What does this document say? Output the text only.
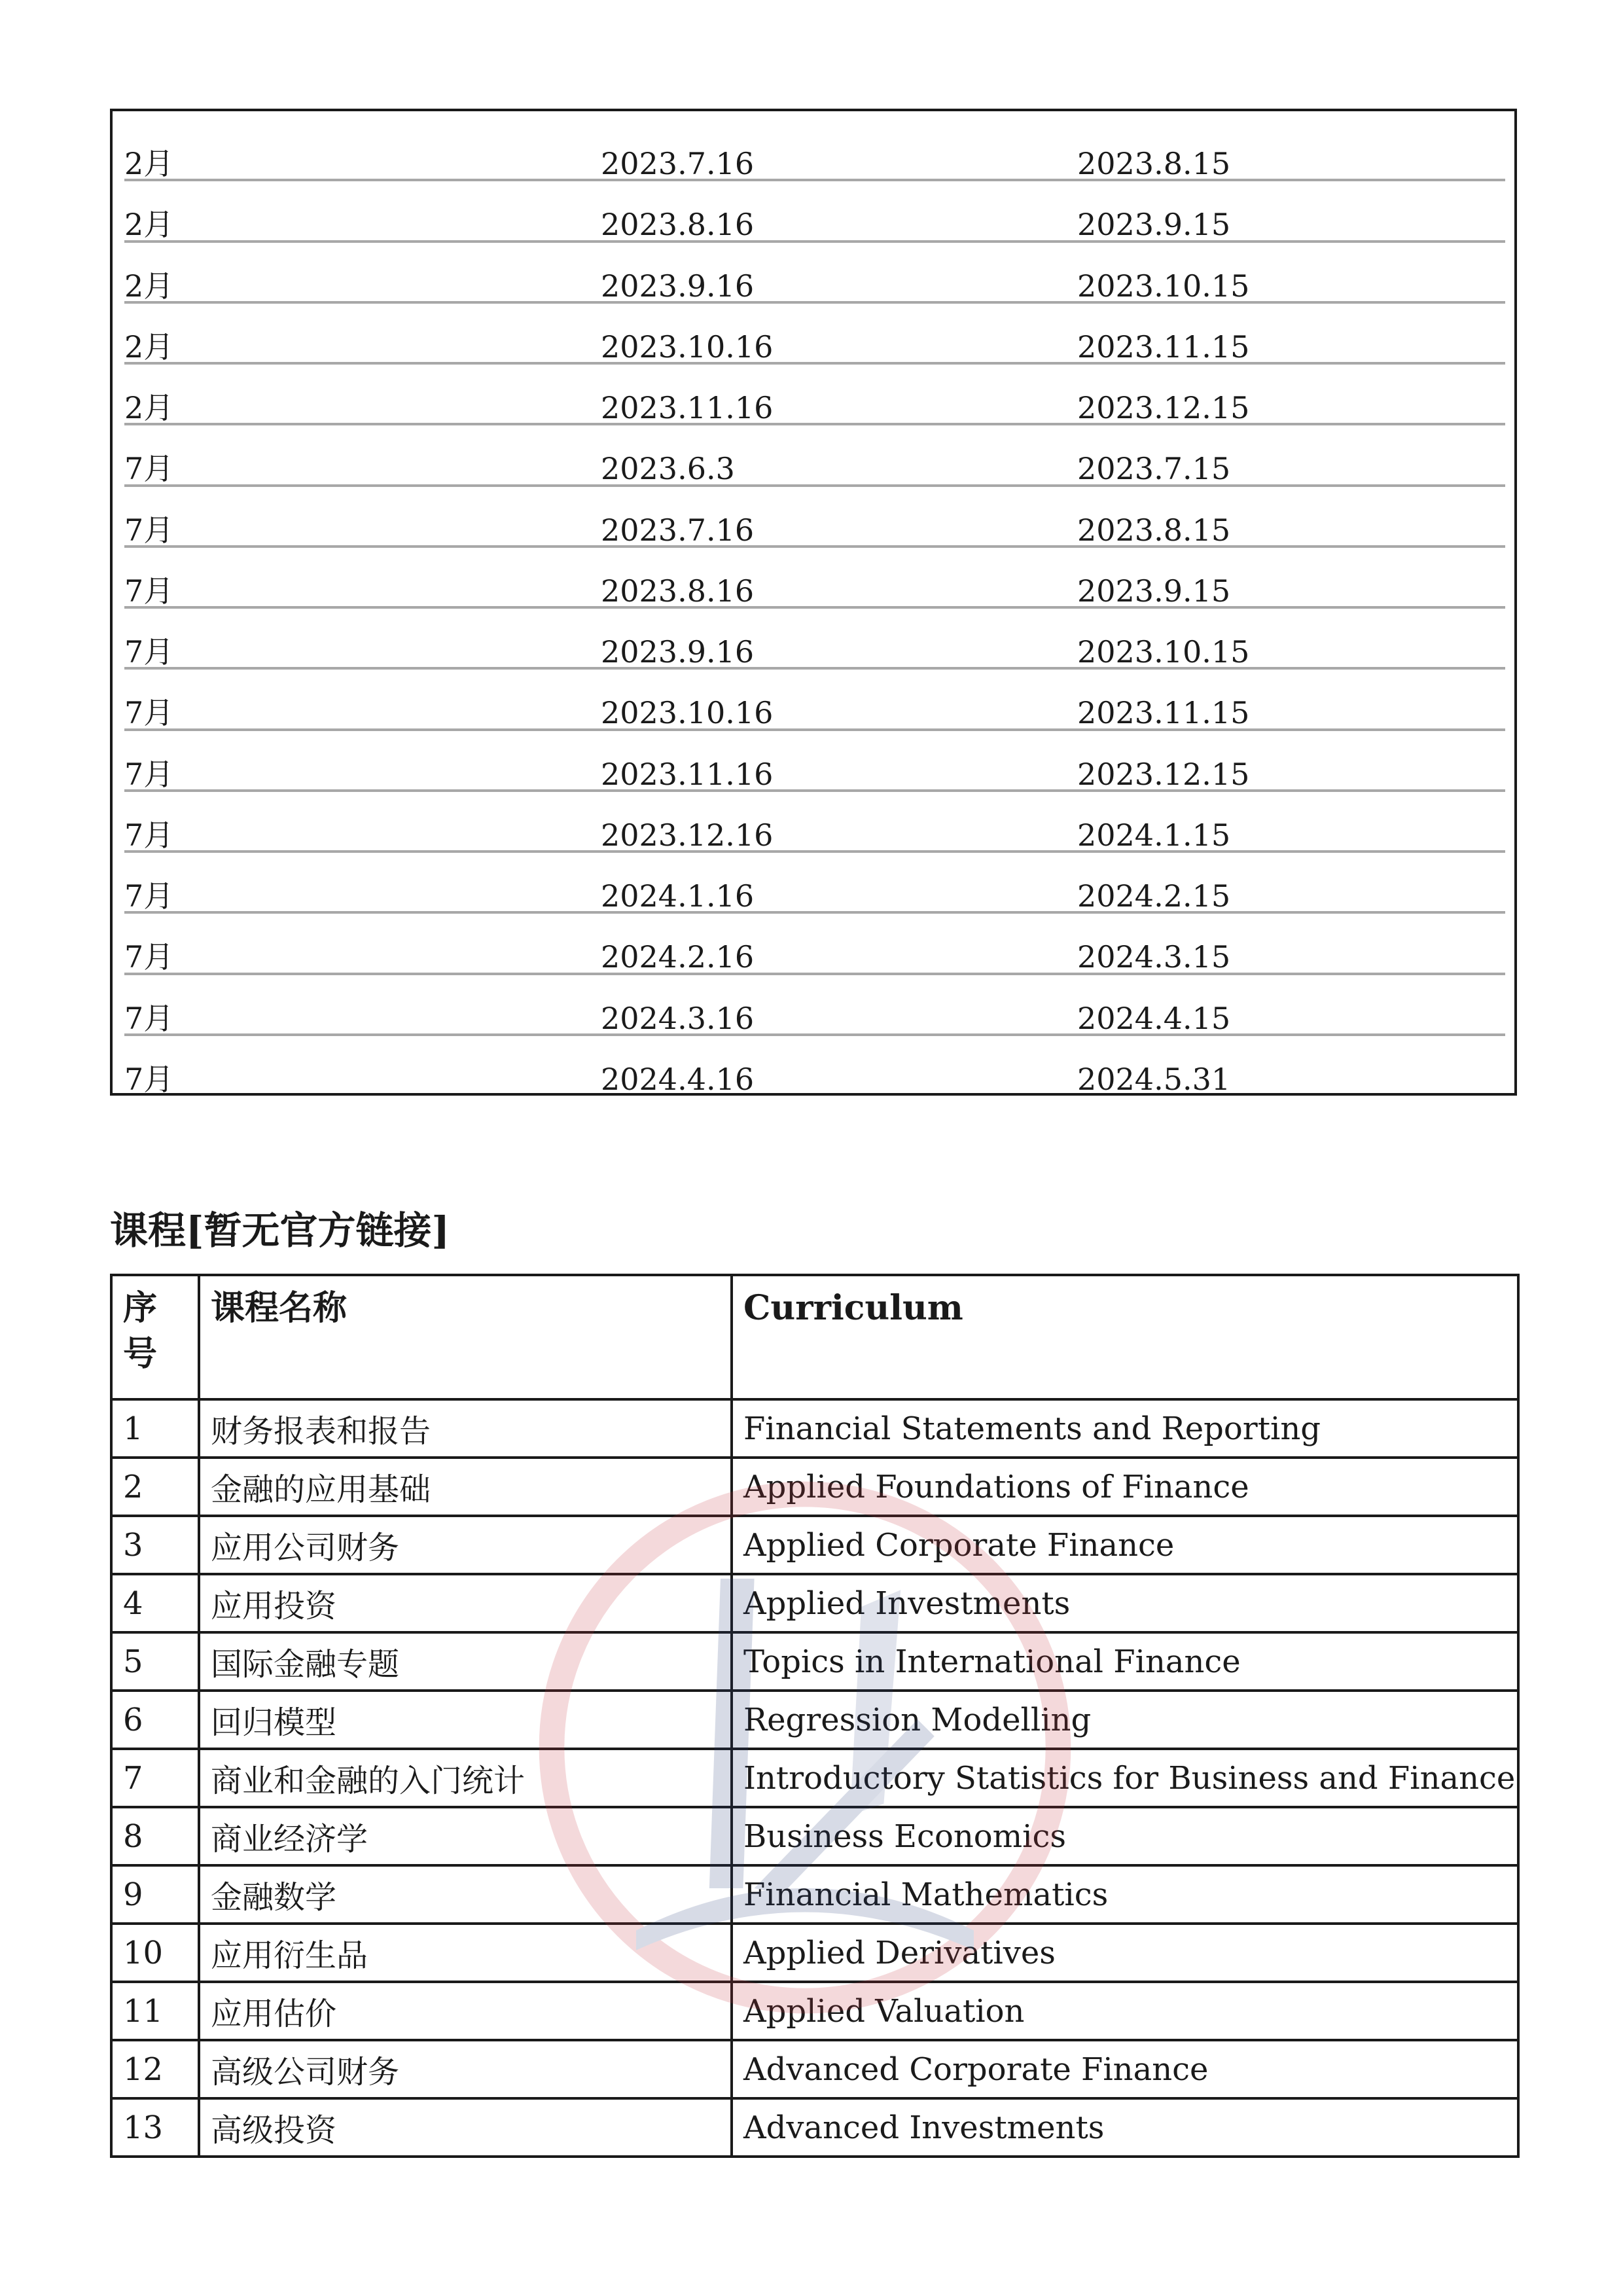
2月	2023.7.16	2023.8.15
2月	2023.8.16	2023.9.15
2月	2023.9.16	2023.10.15
2月	2023.10.16	2023.11.15
2月	2023.11.16	2023.12.15
7月	2023.6.3	2023.7.15
7月	2023.7.16	2023.8.15
7月	2023.8.16	2023.9.15
7月	2023.9.16	2023.10.15
7月	2023.10.16	2023.11.15
7月	2023.11.16	2023.12.15
7月	2023.12.16	2024.1.15
7月	2024.1.16	2024.2.15
7月	2024.2.16	2024.3.15
7月	2024.3.16	2024.4.15
7月	2024.4.16	2024.5.31
课程[暂无官方链接]
序号	课程名称	Curriculum
1	财务报表和报告	Financial Statements and Reporting
2	金融的应用基础	Applied Foundations of Finance
3	应用公司财务	Applied Corporate Finance
4	应用投资	Applied Investments
5	国际金融专题	Topics in International Finance
6	回归模型	Regression Modelling
7	商业和金融的入门统计	Introductory Statistics for Business and Finance
8	商业经济学	Business Economics
9	金融数学	Financial Mathematics
10	应用衍生品	Applied Derivatives
11	应用估价	Applied Valuation
12	高级公司财务	Advanced Corporate Finance
13	高级投资	Advanced Investments
